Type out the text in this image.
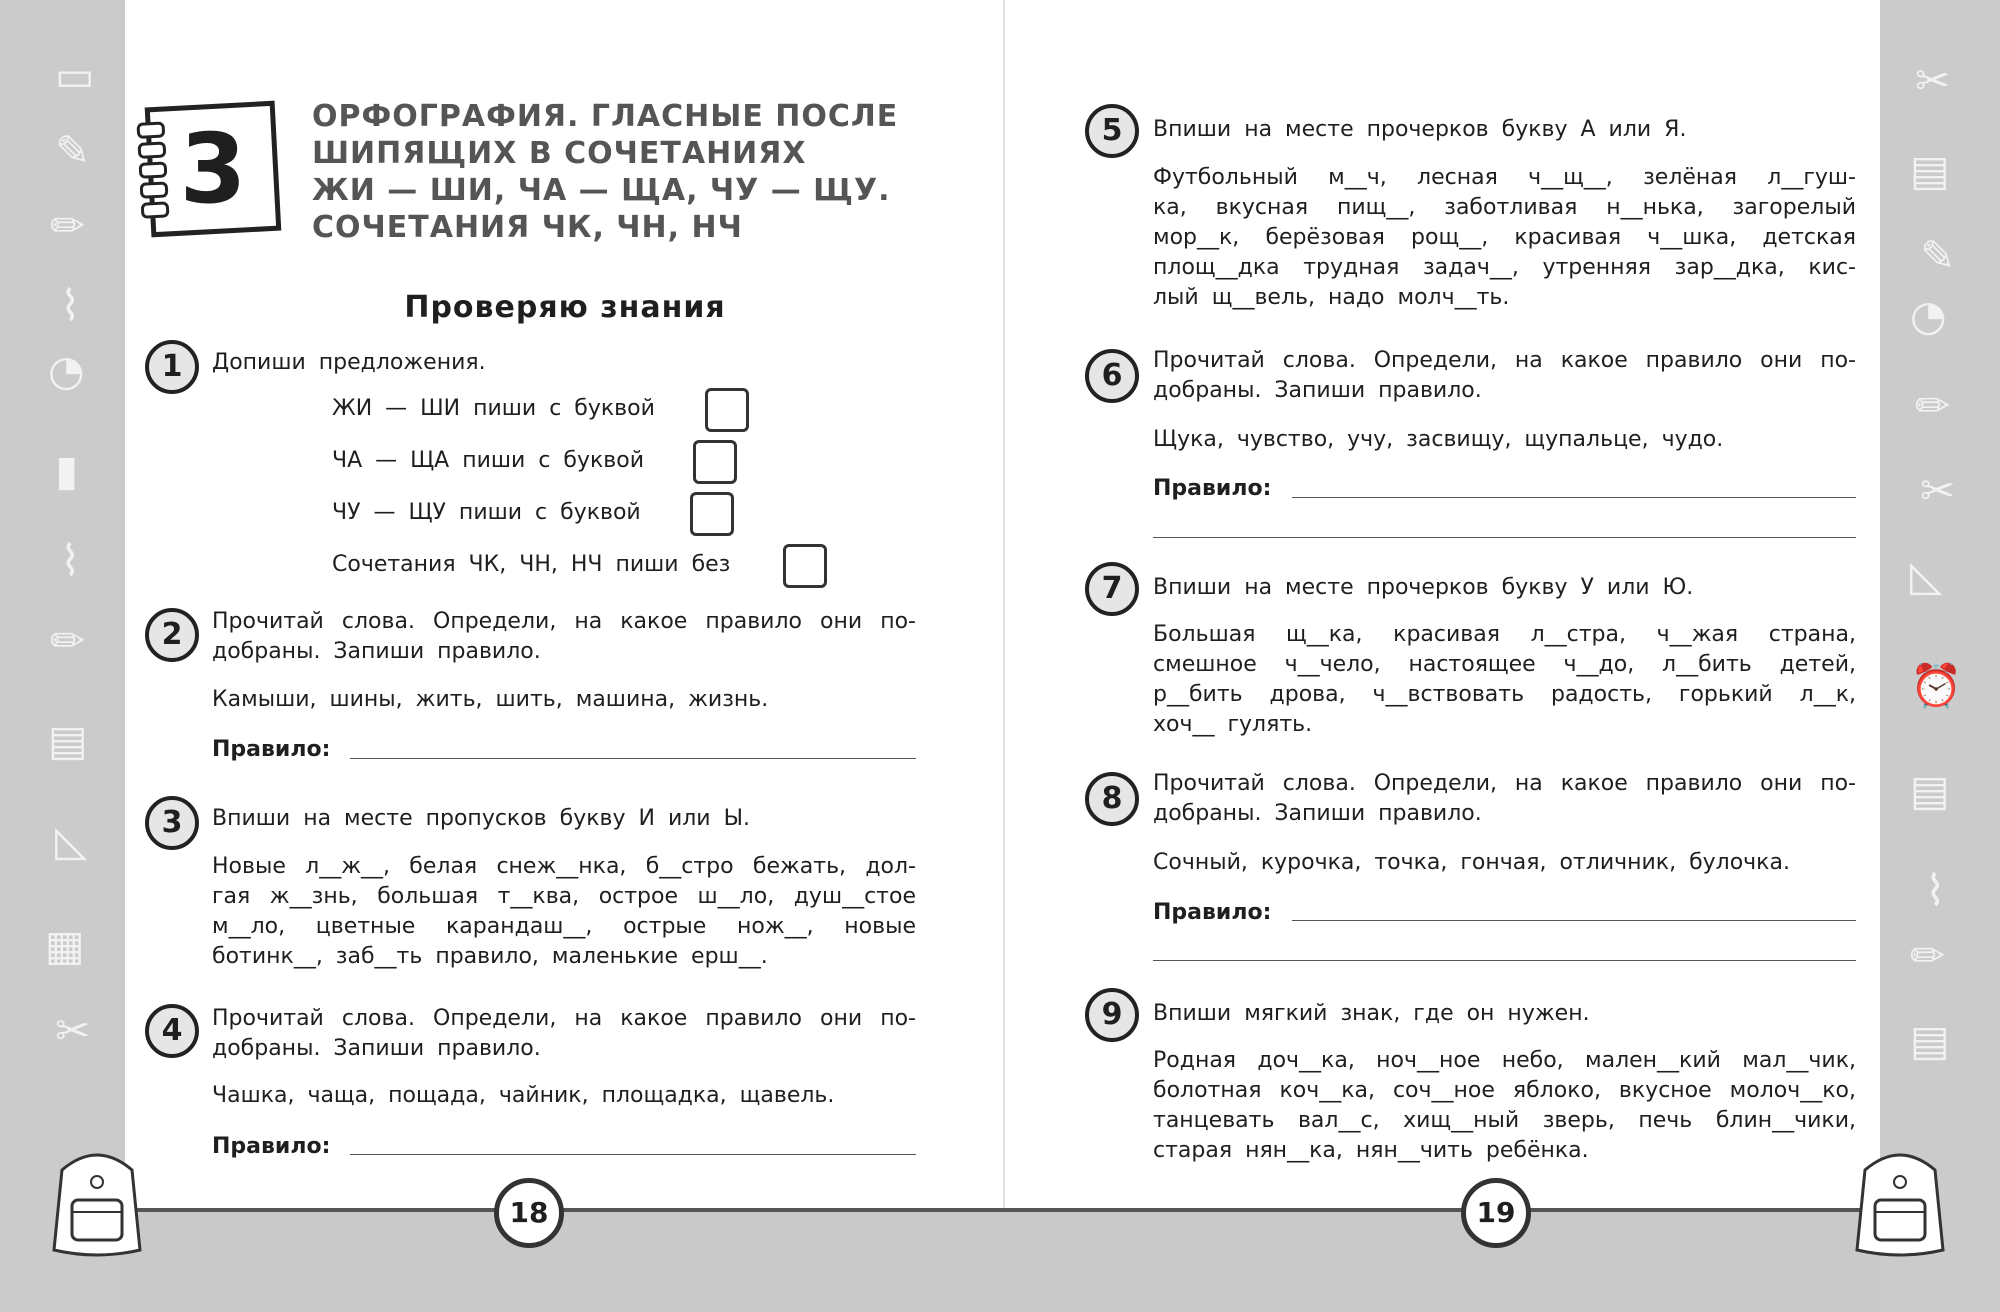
▭
✎
✏
⌇
◔
▮
⌇
✏
▤
◺
▦
✂
✂
▤
✎
◔
✏
✂
◺
⏰
▤
⌇
✏
▤
3	ОРФОГРАФИЯ. ГЛАСНЫЕ ПОСЛЕ
ШИПЯЩИХ В СОЧЕТАНИЯХ
ЖИ — ШИ, ЧА — ЩА, ЧУ — ЩУ.
СОЧЕТАНИЯ ЧК, ЧН, НЧ
Проверяю знания
1	Допиши предложения.
ЖИ — ШИ пиши с буквой
ЧА — ЩА пиши с буквой
ЧУ — ЩУ пиши с буквой
Сочетания ЧК, ЧН, НЧ пиши без
2	Прочитай слова. Определи, на какое правило они по-
добраны. Запиши правило.
Камыши, шины, жить, шить, машина, жизнь.
Правило:
3	Впиши на месте пропусков букву И или Ы.
Новые л__ж__, белая снеж__нка, б__стро бежать, дол-
гая ж__знь, большая т__ква, острое ш__ло, душ__стое
м__ло, цветные карандаш__, острые нож__, новые
ботинк__, заб__ть правило, маленькие ерш__.
4	Прочитай слова. Определи, на какое правило они по-
добраны. Запиши правило.
Чашка, чаща, пощада, чайник, площадка, щавель.
Правило:
5	Впиши на месте прочерков букву А или Я.
Футбольный м__ч, лесная ч__щ__, зелёная л__гуш-
ка, вкусная пищ__, заботливая н__нька, загорелый
мор__к, берёзовая рощ__, красивая ч__шка, детская
площ__дка трудная задач__, утренняя зар__дка, кис-
лый щ__вель, надо молч__ть.
6	Прочитай слова. Определи, на какое правило они по-
добраны. Запиши правило.
Щука, чувство, учу, засвищу, щупальце, чудо.
Правило:
7	Впиши на месте прочерков букву У или Ю.
Большая щ__ка, красивая л__стра, ч__жая страна,
смешное ч__чело, настоящее ч__до, л__бить детей,
р__бить дрова, ч__вствовать радость, горький л__к,
хоч__ гулять.
8	Прочитай слова. Определи, на какое правило они по-
добраны. Запиши правило.
Сочный, курочка, точка, гончая, отличник, булочка.
Правило:
9	Впиши мягкий знак, где он нужен.
Родная доч__ка, ноч__ное небо, мален__кий мал__чик,
болотная коч__ка, соч__ное яблоко, вкусное молоч__ко,
танцевать вал__с, хищ__ный зверь, печь блин__чики,
старая нян__ка, нян__чить ребёнка.
18	19
